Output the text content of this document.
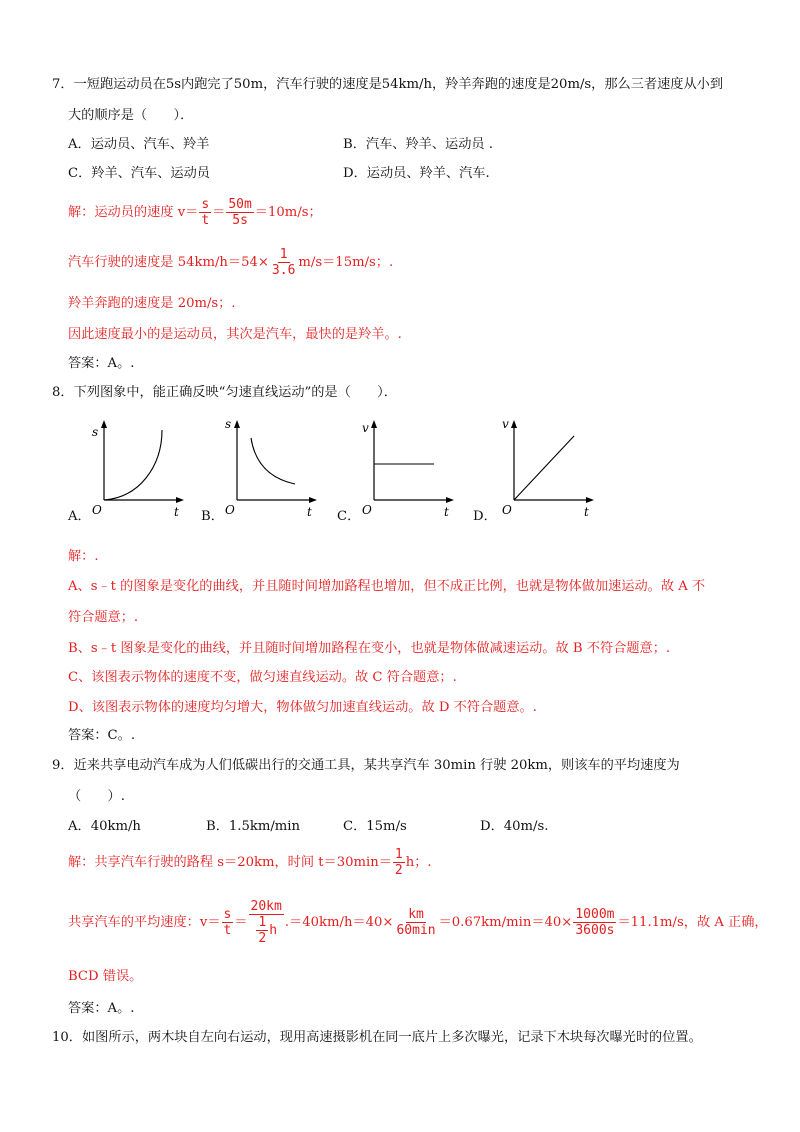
7．一短跑运动员在5s内跑完了50m，汽车行驶的速度是54km/h，羚羊奔跑的速度是20m/s，那么三者速度从小到
大的顺序是（　　）．
A．运动员、汽车、羚羊	B．汽车、羚羊、运动员 .
C．羚羊、汽车、运动员	D．运动员、羚羊、汽车.
解：运动员的速度 $v= \frac{s}{t} = \frac{50m}{5s} =10m/s$；
汽车行驶的速度是 $54km/h=54\times \frac{1}{3.6} m/s=15m/s$；.
羚羊奔跑的速度是 20m/s；.
因此速度最小的是运动员，其次是汽车，最快的是羚羊。.
答案：A。.
8．下列图象中，能正确反映“匀速直线运动”的是（　　）．
s
O	t
s
O	t
v
O	t
v
O	t
A．	B．	C．	D．
解：.
A、s﹣t 的图象是变化的曲线，并且随时间增加路程也增加，但不成正比例，也就是物体做加速运动。故 A 不
符合题意；.
B、s﹣t 图象是变化的曲线，并且随时间增加路程在变小，也就是物体做减速运动。故 B 不符合题意；.
C、该图表示物体的速度不变，做匀速直线运动。故 C 符合题意；.
D、该图表示物体的速度均匀增大，物体做匀加速直线运动。故 D 不符合题意。.
答案：C。.
9．近来共享电动汽车成为人们低碳出行的交通工具，某共享汽车 30min 行驶 20km，则该车的平均速度为
（　　）.
A．40km/h	B．1.5km/min	C．15m/s	D．40m/s.
解：共享汽车行驶的路程 s＝20km，时间 $t=30\min= \frac{1}{2}$ h；.
共享汽车的平均速度：$v= \frac{s}{t} = \frac{20km}{\frac{1}{2} h} .=40km/h=40\times \frac{km}{60\min} =0.67km/\min=40\times \frac{1000m}{3600s} =11.1m/s$，故 A 正确，
BCD 错误。
答案：A。.
10．如图所示，两木块自左向右运动，现用高速摄影机在同一底片上多次曝光，记录下木块每次曝光时的位置。
